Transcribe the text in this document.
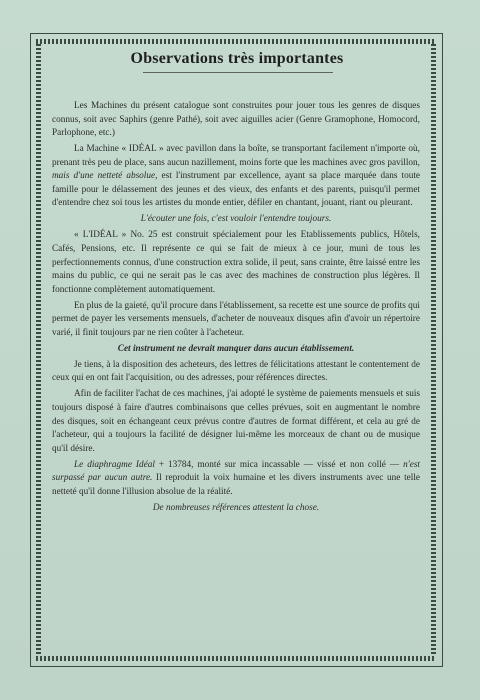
Observations très importantes

Les Machines du présent catalogue sont construites pour jouer tous les genres de disques connus, soit avec Saphirs (genre Pathé), soit avec aiguilles acier (Genre Gramophone, Homocord, Parlophone, etc.)

La Machine « IDÉAL » avec pavillon dans la boîte, se transportant facilement n'importe où, prenant très peu de place, sans aucun nazillement, moins forte que les machines avec gros pavillon, mais d'une netteté absolue, est l'instrument par excellence, ayant sa place marquée dans toute famille pour le délassement des jeunes et des vieux, des enfants et des parents, puisqu'il permet d'entendre chez soi tous les artistes du monde entier, défiler en chantant, jouant, riant ou pleurant.

L'écouter une fois, c'est vouloir l'entendre toujours.

« L'IDÉAL » No. 25 est construit spécialement pour les Etablissements publics, Hôtels, Cafés, Pensions, etc. Il représente ce qui se fait de mieux à ce jour, muni de tous les perfectionnements connus, d'une construction extra solide, il peut, sans crainte, être laissé entre les mains du public, ce qui ne serait pas le cas avec des machines de construction plus légères. Il fonctionne complètement automatiquement.

En plus de la gaieté, qu'il procure dans l'établissement, sa recette est une source de profits qui permet de payer les versements mensuels, d'acheter de nouveaux disques afin d'avoir un répertoire varié, il finit toujours par ne rien coûter à l'acheteur.

Cet instrument ne devrait manquer dans aucun établissement.

Je tiens, à la disposition des acheteurs, des lettres de félicitations attestant le contentement de ceux qui en ont fait l'acquisition, ou des adresses, pour références directes.

Afin de faciliter l'achat de ces machines, j'ai adopté le système de paiements mensuels et suis toujours disposé à faire d'autres combinaisons que celles prévues, soit en augmentant le nombre des disques, soit en échangeant ceux prévus contre d'autres de format différent, et cela au gré de l'acheteur, qui a toujours la facilité de désigner lui-même les morceaux de chant ou de musique qu'il désire.

Le diaphragme Idéal + 13784, monté sur mica incassable — vissé et non collé — n'est surpassé par aucun autre. Il reproduit la voix humaine et les divers instruments avec une telle netteté qu'il donne l'illusion absolue de la réalité.

De nombreuses références attestent la chose.
